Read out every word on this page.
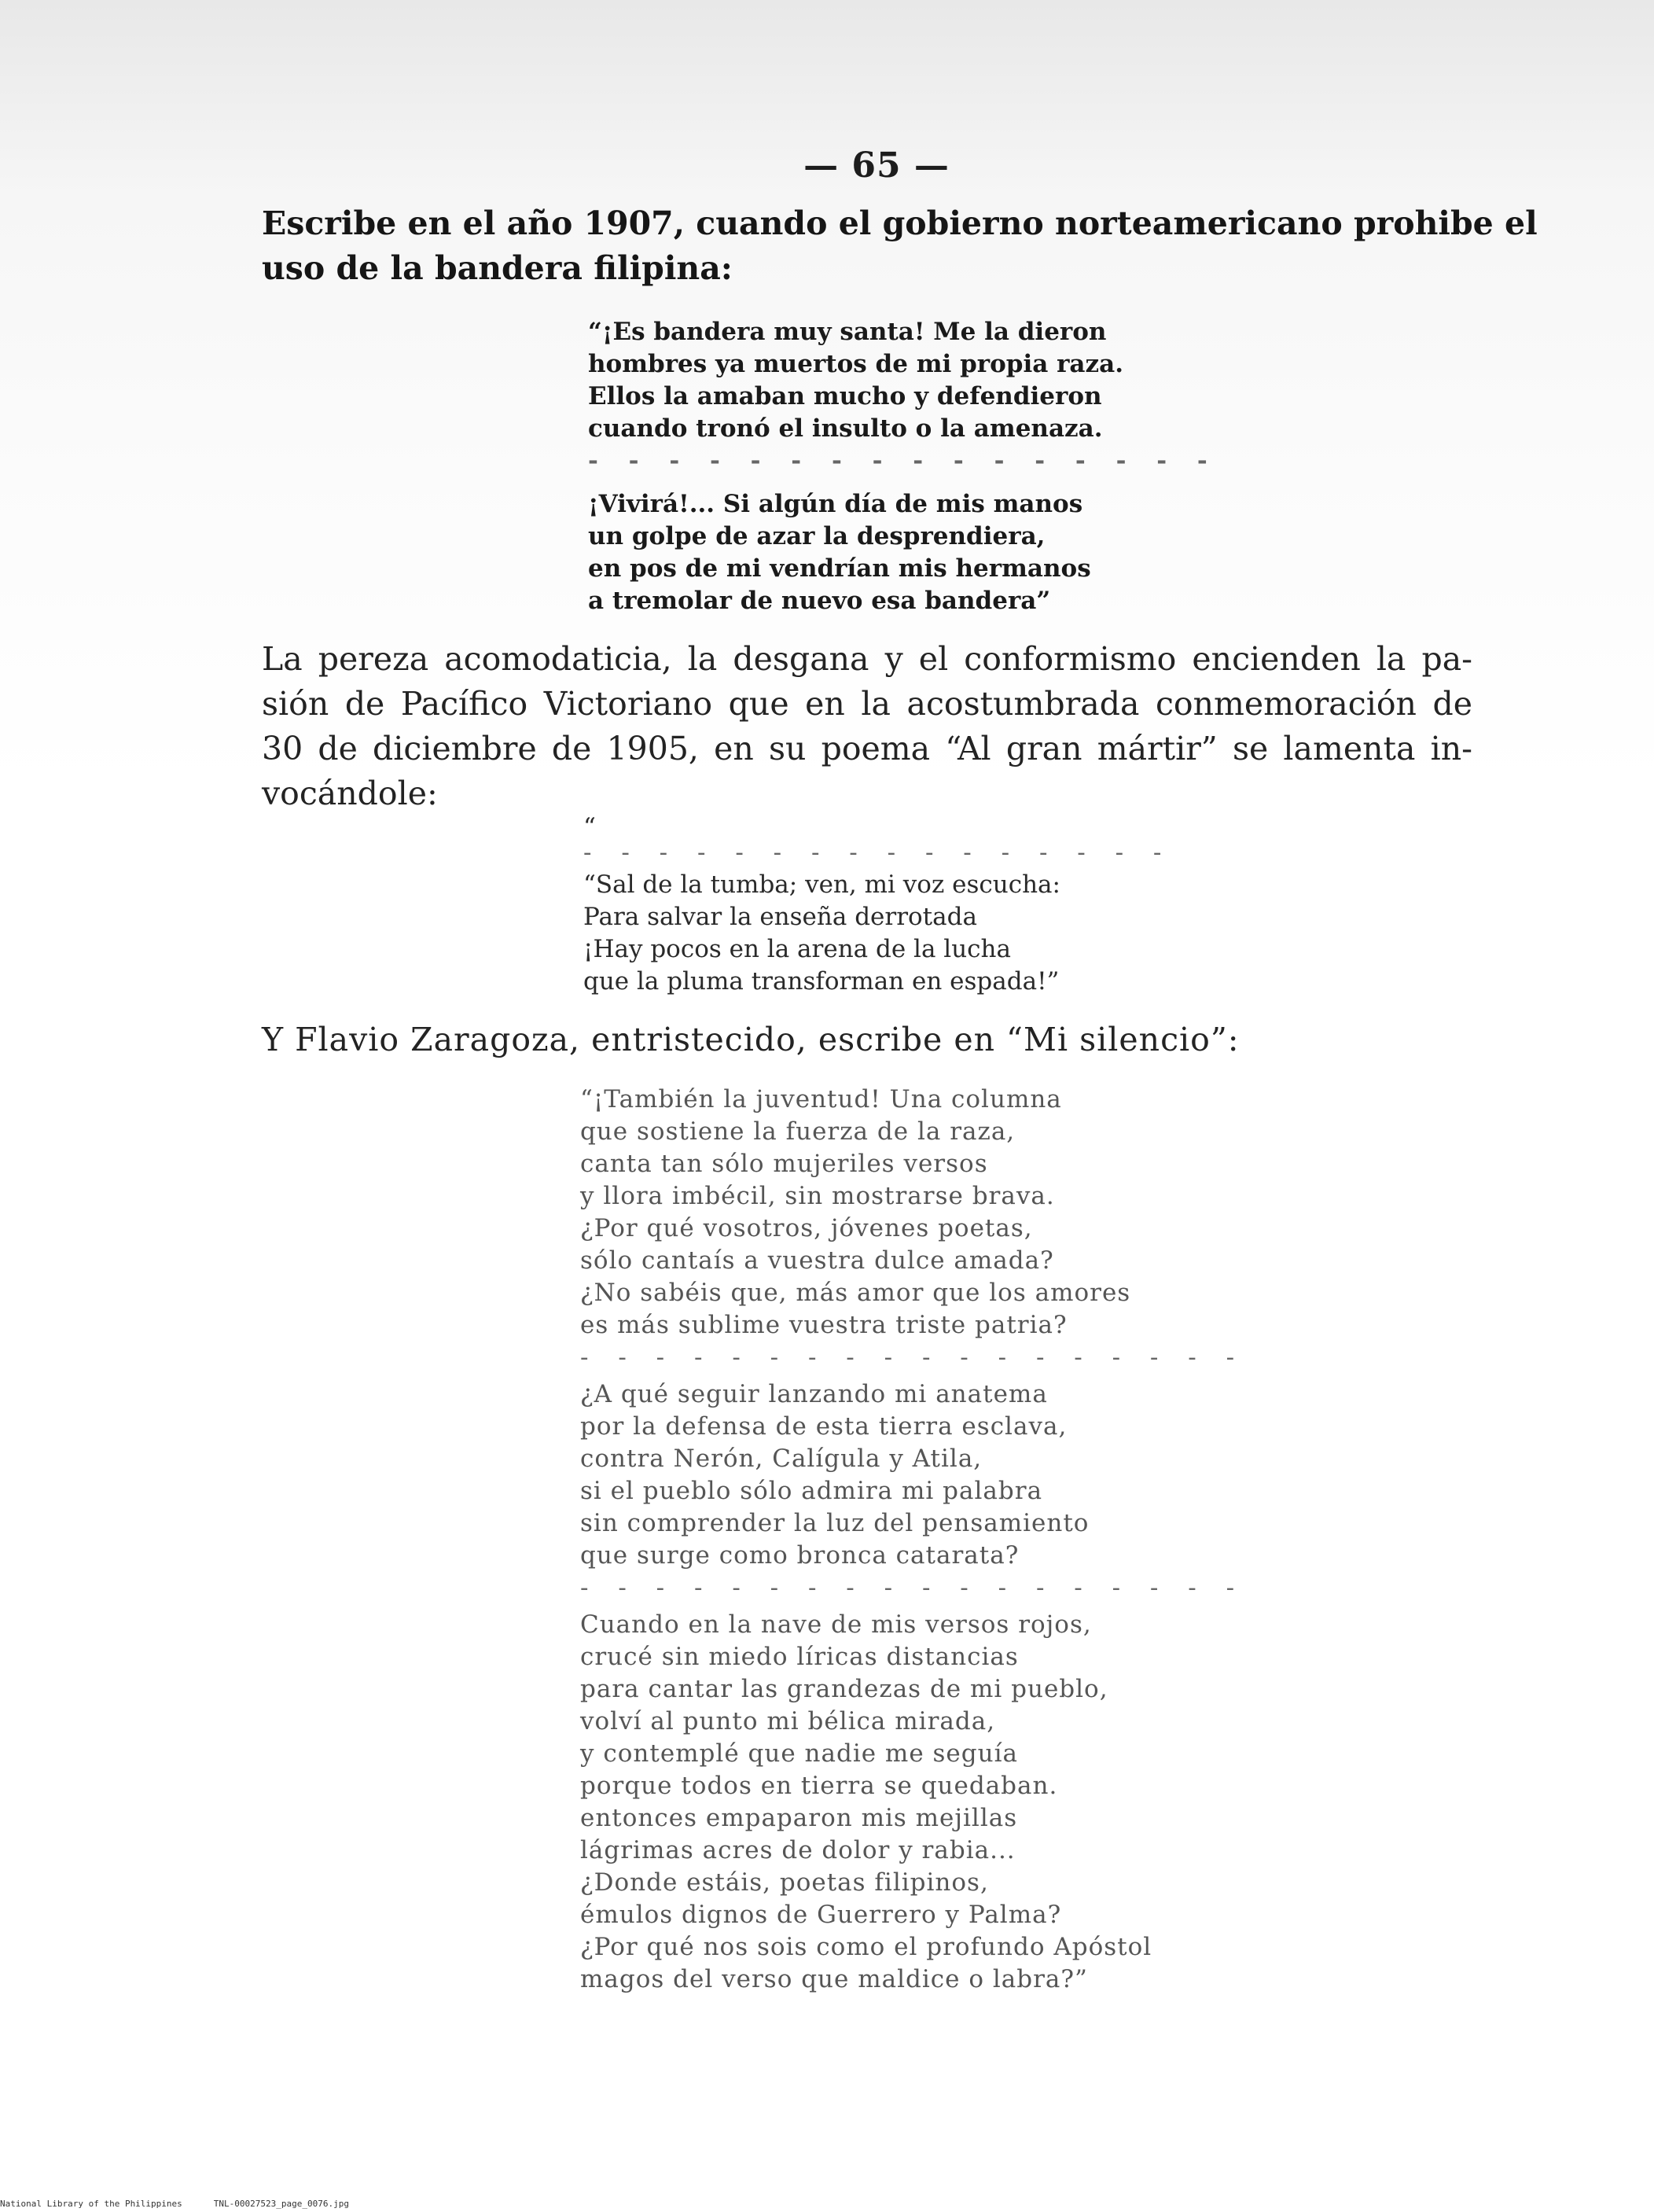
— 65 —
Escribe en el año 1907, cuando el gobierno norteamericano prohibe el
uso de la bandera filipina:
“¡Es bandera muy santa! Me la dieron
hombres ya muertos de mi propia raza.
Ellos la amaban mucho y defendieron
cuando tronó el insulto o la amenaza.
- - - - - - - - - - - - - - - -
¡Vivirá!... Si algún día de mis manos
un golpe de azar la desprendiera,
en pos de mi vendrían mis hermanos
a tremolar de nuevo esa bandera”
La pereza acomodaticia, la desgana y el conformismo encienden la pa-
sión de Pacífico Victoriano que en la acostumbrada conmemoración de
30 de diciembre de 1905, en su poema “Al gran mártir” se lamenta in-
vocándole:
“
- - - - - - - - - - - - - - - -
“Sal de la tumba; ven, mi voz escucha:
Para salvar la enseña derrotada
¡Hay pocos en la arena de la lucha
que la pluma transforman en espada!”
Y Flavio Zaragoza, entristecido, escribe en “Mi silencio”:
“¡También la juventud! Una columna
que sostiene la fuerza de la raza,
canta tan sólo mujeriles versos
y llora imbécil, sin mostrarse brava.
¿Por qué vosotros, jóvenes poetas,
sólo cantaís a vuestra dulce amada?
¿No sabéis que, más amor que los amores
es más sublime vuestra triste patria?
- - - - - - - - - - - - - - - - - -
¿A qué seguir lanzando mi anatema
por la defensa de esta tierra esclava,
contra Nerón, Calígula y Atila,
si el pueblo sólo admira mi palabra
sin comprender la luz del pensamiento
que surge como bronca catarata?
- - - - - - - - - - - - - - - - - -
Cuando en la nave de mis versos rojos,
crucé sin miedo líricas distancias
para cantar las grandezas de mi pueblo,
volví al punto mi bélica mirada,
y contemplé que nadie me seguía
porque todos en tierra se quedaban.
entonces empaparon mis mejillas
lágrimas acres de dolor y rabia...
¿Donde estáis, poetas filipinos,
émulos dignos de Guerrero y Palma?
¿Por qué nos sois como el profundo Apóstol
magos del verso que maldice o labra?”
National Library of the Philippines	TNL-00027523_page_0076.jpg
